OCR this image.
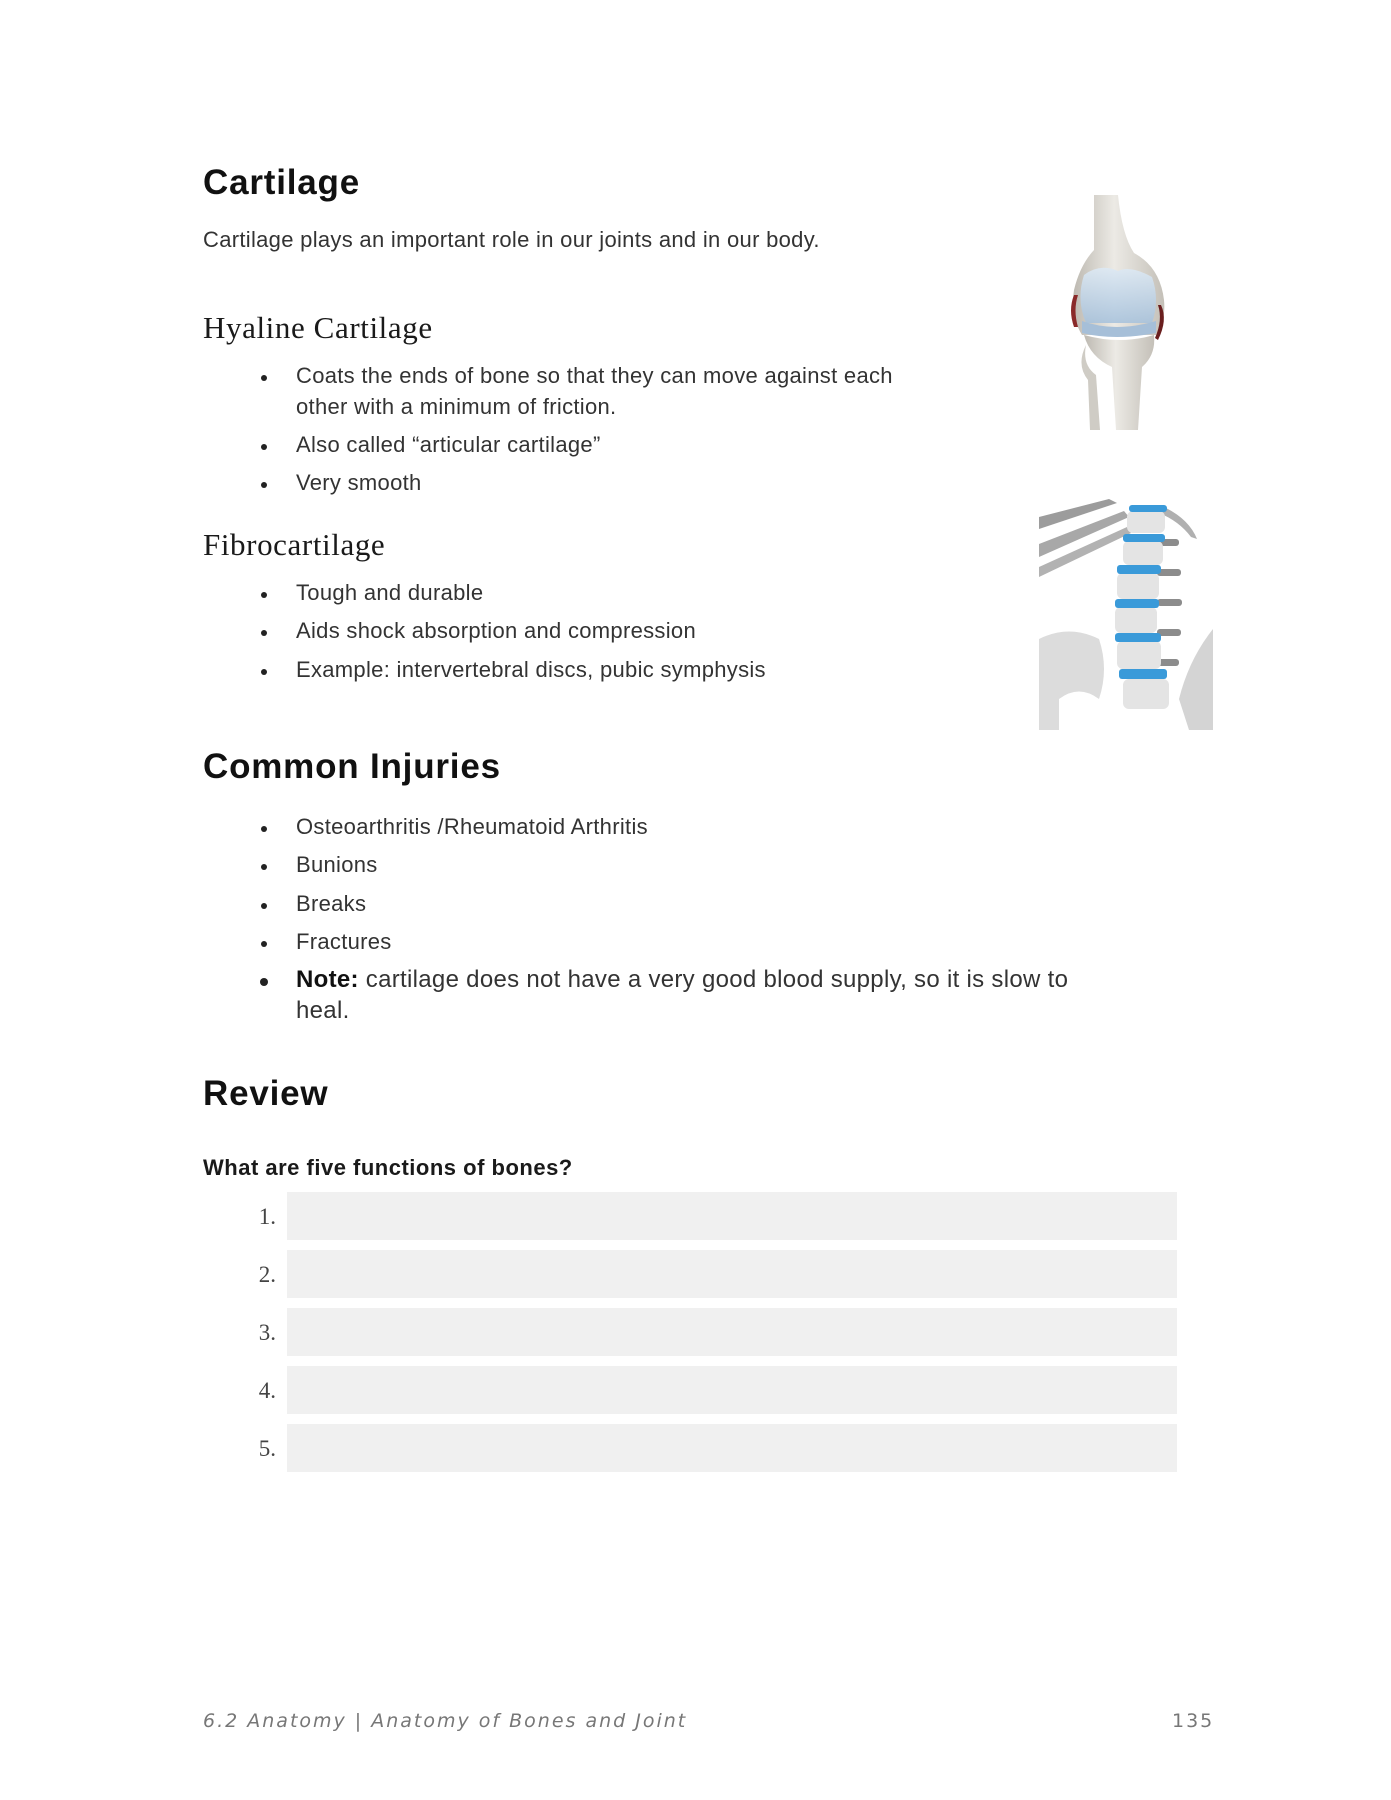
Cartilage
Cartilage plays an important role in our joints and in our body.
Hyaline Cartilage
Coats the ends of bone so that they can move against each
other with a minimum of friction.
Also called “articular cartilage”
Very smooth
Fibrocartilage
Tough and durable
Aids shock absorption and compression
Example: intervertebral discs, pubic symphysis
Common Injuries
Osteoarthritis /Rheumatoid Arthritis
Bunions
Breaks
Fractures
Note: cartilage does not have a very good blood supply, so it is slow to
heal.
Review
What are five functions of bones?
1.
2.
3.
4.
5.
6.2 Anatomy | Anatomy of Bones and Joint	135
